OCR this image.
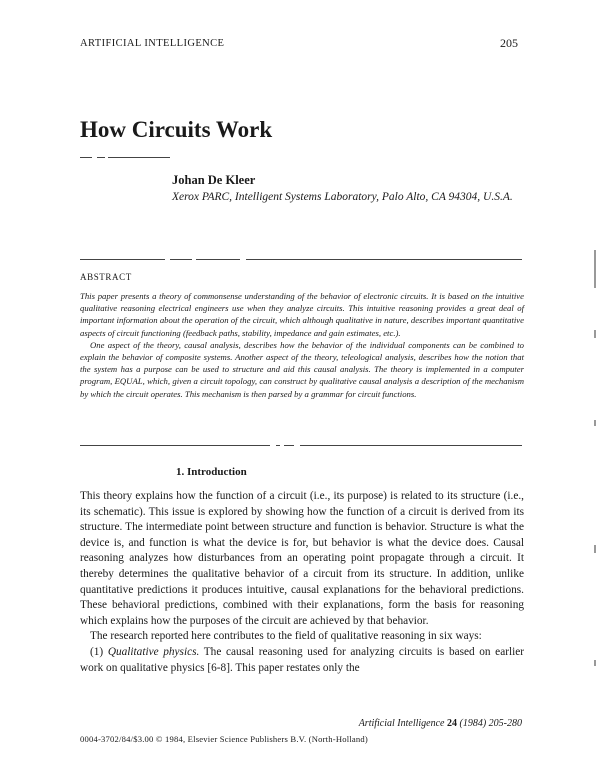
ARTIFICIAL INTELLIGENCE	205
How Circuits Work
Johan De Kleer
Xerox PARC, Intelligent Systems Laboratory, Palo Alto, CA 94304, U.S.A.
ABSTRACT

This paper presents a theory of commonsense understanding of the behavior of electronic circuits. It is based on the intuitive qualitative reasoning electrical engineers use when they analyze circuits. This intuitive reasoning provides a great deal of important information about the operation of the circuit, which although qualitative in nature, describes important quantitative aspects of circuit functioning (feedback paths, stability, impedance and gain estimates, etc.).

One aspect of the theory, causal analysis, describes how the behavior of the individual components can be combined to explain the behavior of composite systems. Another aspect of the theory, teleological analysis, describes how the notion that the system has a purpose can be used to structure and aid this causal analysis. The theory is implemented in a computer program, EQUAL, which, given a circuit topology, can construct by qualitative causal analysis a description of the mechanism by which the circuit operates. This mechanism is then parsed by a grammar for circuit functions.

1. Introduction

This theory explains how the function of a circuit (i.e., its purpose) is related to its structure (i.e., its schematic). This issue is explored by showing how the function of a circuit is derived from its structure. The intermediate point between structure and function is behavior. Structure is what the device is, and function is what the device is for, but behavior is what the device does. Causal reasoning analyzes how disturbances from an operating point propagate through a circuit. It thereby determines the qualitative behavior of a circuit from its structure. In addition, unlike quantitative predictions it produces intuitive, causal explanations for the behavioral predictions. These behavioral predictions, combined with their explanations, form the basis for reasoning which explains how the purposes of the circuit are achieved by that behavior.

The research reported here contributes to the field of qualitative reasoning in six ways:

(1) Qualitative physics. The causal reasoning used for analyzing circuits is based on earlier work on qualitative physics [6-8]. This paper restates only the

Artificial Intelligence 24 (1984) 205-280
0004-3702/84/$3.00 © 1984, Elsevier Science Publishers B.V. (North-Holland)
